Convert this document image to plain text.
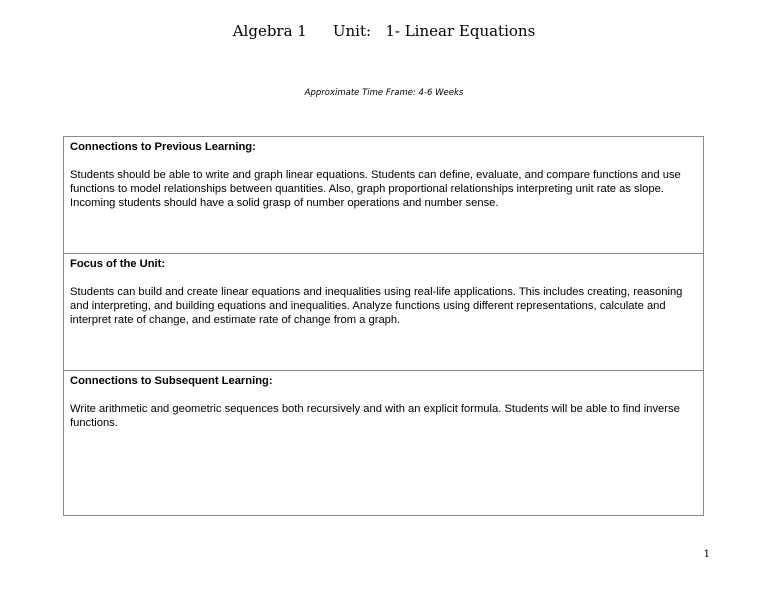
Algebra 1 Unit:   1- Linear Equations
Approximate Time Frame: 4-6 Weeks

Connections to Previous Learning:

Students should be able to write and graph linear equations. Students can define, evaluate, and compare functions and use functions to model relationships between quantities. Also, graph proportional relationships interpreting unit rate as slope. Incoming students should have a solid grasp of number operations and number sense.

Focus of the Unit:

Students can build and create linear equations and inequalities using real-life applications. This includes creating, reasoning and interpreting, and building equations and inequalities. Analyze functions using different representations, calculate and interpret rate of change, and estimate rate of change from a graph.

Connections to Subsequent Learning:

Write arithmetic and geometric sequences both recursively and with an explicit formula. Students will be able to find inverse functions.

1
